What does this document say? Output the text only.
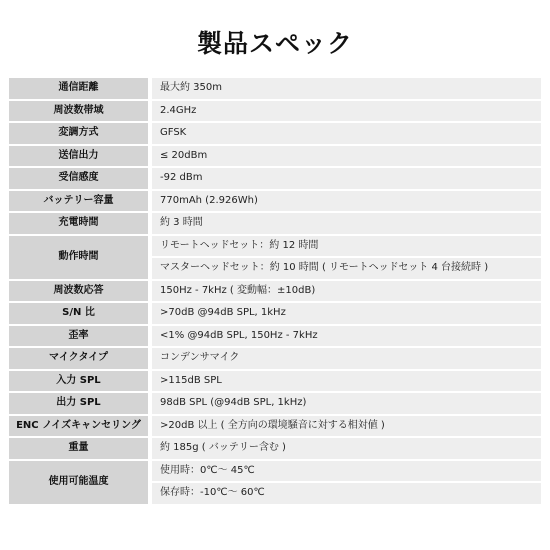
製品スペック
通信距離		最大約 350m
周波数帯域		2.4GHz
変調方式		GFSK
送信出力		≤ 20dBm
受信感度		-92 dBm
バッテリー容量		770mAh (2.926Wh)
充電時間		約 3 時間
動作時間		リモートヘッドセット：約 12 時間
		マスターヘッドセット：約 10 時間 ( リモートヘッドセット 4 台接続時 )
周波数応答		150Hz - 7kHz ( 変動幅：±10dB)
S/N 比		>70dB @94dB SPL, 1kHz
歪率		<1% @94dB SPL, 150Hz - 7kHz
マイクタイプ		コンデンサマイク
入力 SPL		>115dB SPL
出力 SPL		98dB SPL (@94dB SPL, 1kHz)
ENC ノイズキャンセリング		>20dB 以上 ( 全方向の環境騒音に対する相対値 )
重量		約 185g ( バッテリー含む )
使用可能温度		使用時：0℃～ 45℃
		保存時：-10℃～ 60℃
